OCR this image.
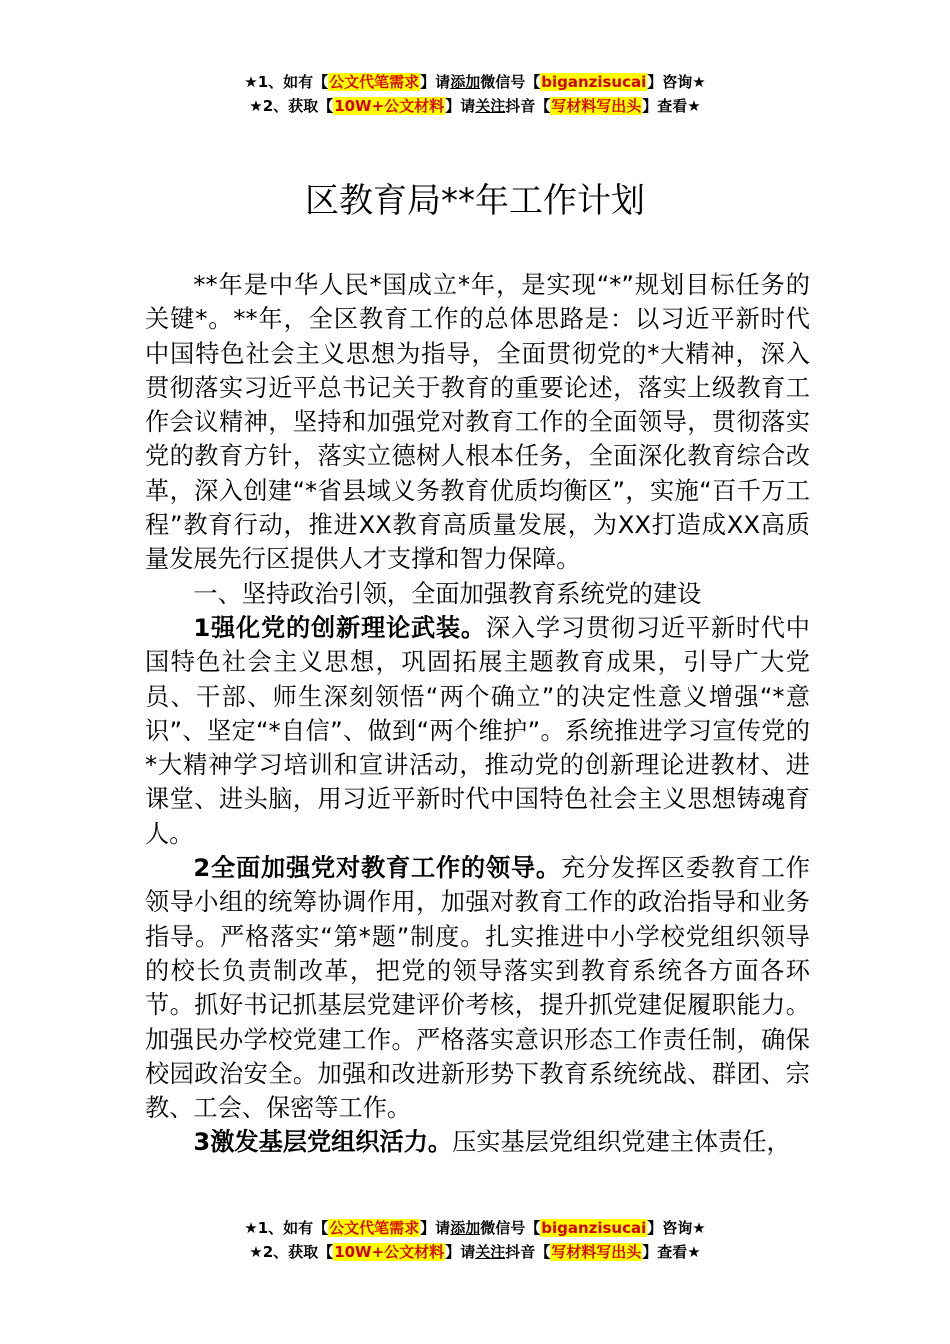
★1、如有【公文代笔需求】请添加微信号【biganzisucai】咨询★
★2、获取【10W+公文材料】请关注抖音【写材料写出头】查看★
区教育局**年工作计划

**年是中华人民*国成立*年，是实现“*”规划目标任务的关键*。**年，全区教育工作的总体思路是：以习近平新时代中国特色社会主义思想为指导，全面贯彻党的*大精神，深入贯彻落实习近平总书记关于教育的重要论述，落实上级教育工作会议精神，坚持和加强党对教育工作的全面领导，贯彻落实党的教育方针，落实立德树人根本任务，全面深化教育综合改革，深入创建“*省县域义务教育优质均衡区”，实施“百千万工程”教育行动，推进XX教育高质量发展，为XX打造成XX高质量发展先行区提供人才支撑和智力保障。

一、坚持政治引领，全面加强教育系统党的建设

1强化党的创新理论武装。深入学习贯彻习近平新时代中国特色社会主义思想，巩固拓展主题教育成果，引导广大党员、干部、师生深刻领悟“两个确立”的决定性意义增强“*意识”、坚定“*自信”、做到“两个维护”。系统推进学习宣传党的*大精神学习培训和宣讲活动，推动党的创新理论进教材、进课堂、进头脑，用习近平新时代中国特色社会主义思想铸魂育人。

2全面加强党对教育工作的领导。充分发挥区委教育工作领导小组的统筹协调作用，加强对教育工作的政治指导和业务指导。严格落实“第*题”制度。扎实推进中小学校党组织领导的校长负责制改革，把党的领导落实到教育系统各方面各环节。抓好书记抓基层党建评价考核，提升抓党建促履职能力。加强民办学校党建工作。严格落实意识形态工作责任制，确保校园政治安全。加强和改进新形势下教育系统统战、群团、宗教、工会、保密等工作。

3激发基层党组织活力。压实基层党组织党建主体责任，

★1、如有【公文代笔需求】请添加微信号【biganzisucai】咨询★
★2、获取【10W+公文材料】请关注抖音【写材料写出头】查看★
